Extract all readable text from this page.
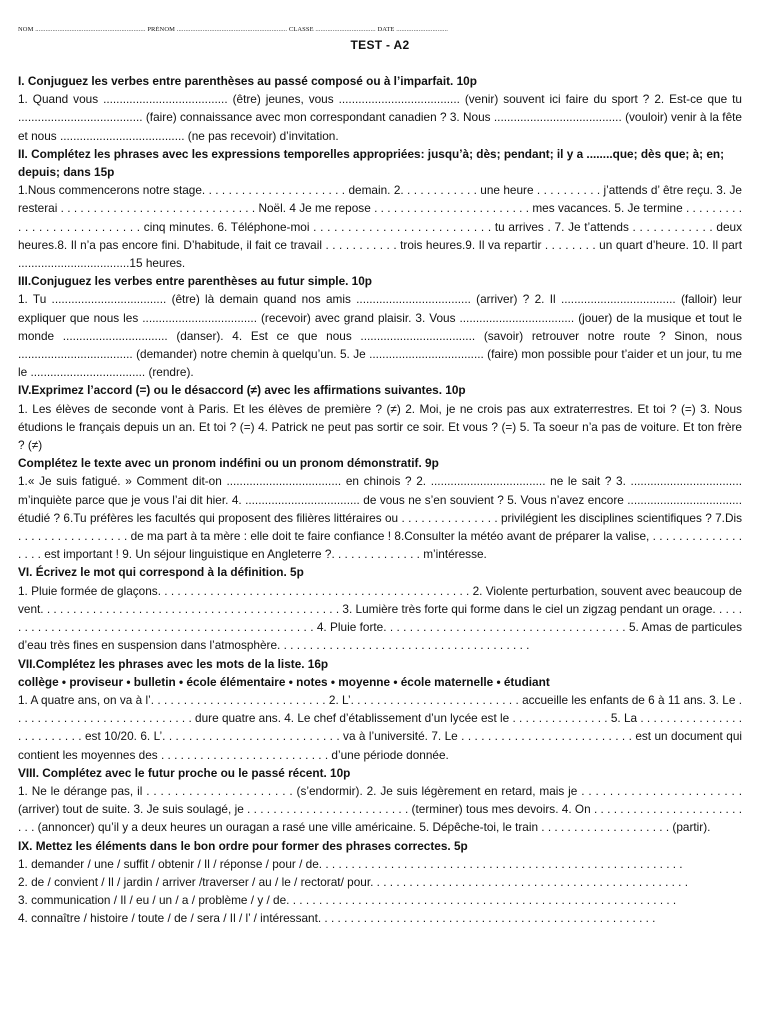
NOM ................................................................ PRÉNOM ................................................................ CLASSE ................................... DATE ..............................
TEST - A2
I. Conjuguez les verbes entre parenthèses au passé composé ou à l’imparfait. 10p
1. Quand vous ...................................... (être) jeunes, vous ..................................... (venir) souvent ici faire du sport ? 2. Est-ce que tu ...................................... (faire) connaissance avec mon correspondant canadien ? 3. Nous ....................................... (vouloir) venir à la fête et nous ...................................... (ne pas recevoir) d’invitation.
II. Complétez les phrases avec les expressions temporelles appropriées: jusqu’à; dès; pendant; il y a ........que; dès que; à; en; depuis; dans 15p
1.Nous commencerons notre stage. . . . . . . . . . . . . . . . . . . . . . demain. 2. . . . . . . . . . . . une heure . . . . . . . . . . j’attends d’ être reçu. 3. Je resterai . . . . . . . . . . . . . . . . . . . . . . . . . . . . . . Noël. 4 Je me repose . . . . . . . . . . . . . . . . . . . . . . . . mes vacances. 5. Je termine . . . . . . . . . . . . . . . . . . . . . . . . . . . cinq minutes. 6. Téléphone-moi . . . . . . . . . . . . . . . . . . . . . . . . . . tu arrives . 7. Je t’attends . . . . . . . . . . . . deux heures.8. Il n’a pas encore fini. D’habitude, il fait ce travail . . . . . . . . . . . trois heures.9. Il va repartir . . . . . . . . un quart d’heure. 10. Il part ..................................15 heures.
III.Conjuguez les verbes entre parenthèses au futur simple. 10p
1. Tu ................................... (être) là demain quand nos amis ................................... (arriver) ? 2. Il ................................... (falloir) leur expliquer que nous les ................................... (recevoir) avec grand plaisir. 3. Vous ................................... (jouer) de la musique et tout le monde ................................ (danser). 4. Est ce que nous ................................... (savoir) retrouver notre route ? Sinon, nous ................................... (demander) notre chemin à quelqu’un. 5. Je ................................... (faire) mon possible pour t’aider et un jour, tu me le ................................... (rendre).
IV.Exprimez l’accord (=) ou le désaccord (≠) avec les affirmations suivantes. 10p
1. Les élèves de seconde vont à Paris. Et les élèves de première ? (≠) 2. Moi, je ne crois pas aux extraterrestres. Et toi ? (=) 3. Nous étudions le français depuis un an. Et toi ? (=) 4. Patrick ne peut pas sortir ce soir. Et vous ? (=) 5. Ta soeur n’a pas de voiture. Et ton frère ? (≠)
Complétez le texte avec un pronom indéfini ou un pronom démonstratif. 9p
1.« Je suis fatigué. » Comment dit-on ................................... en chinois ? 2. ................................... ne le sait ? 3. .................................. m’inquiète parce que je vous l’ai dit hier. 4. ................................... de vous ne s’en souvient ? 5. Vous n’avez encore ................................... étudié ? 6.Tu préfères les facultés qui proposent des filières littéraires ou . . . . . . . . . . . . . . . privilégient les disciplines scientifiques ? 7.Dis . . . . . . . . . . . . . . . . . de ma part à ta mère : elle doit te faire confiance ! 8.Consulter la météo avant de préparer la valise, . . . . . . . . . . . . . . . . . . est important ! 9. Un séjour linguistique en Angleterre ?. . . . . . . . . . . . . . m’intéresse.
VI. Écrivez le mot qui correspond à la définition. 5p
1. Pluie formée de glaçons. . . . . . . . . . . . . . . . . . . . . . . . . . . . . . . . . . . . . . . . . . . . . . . . 2. Violente perturbation, souvent avec beaucoup de vent. . . . . . . . . . . . . . . . . . . . . . . . . . . . . . . . . . . . . . . . . . . . . . 3. Lumière très forte qui forme dans le ciel un zigzag pendant un orage. . . . . . . . . . . . . . . . . . . . . . . . . . . . . . . . . . . . . . . . . . . . . . . . . . 4. Pluie forte. . . . . . . . . . . . . . . . . . . . . . . . . . . . . . . . . . . . . 5. Amas de particules d’eau très fines en suspension dans l’atmosphère. . . . . . . . . . . . . . . . . . . . . . . . . . . . . . . . . . . . . . .
VII.Complétez les phrases avec les mots de la liste. 16p
collège • proviseur • bulletin • école élémentaire • notes • moyenne • école maternelle • étudiant
1. A quatre ans, on va à l’. . . . . . . . . . . . . . . . . . . . . . . . . . . 2. L’. . . . . . . . . . . . . . . . . . . . . . . . . . accueille les enfants de 6 à 11 ans. 3. Le . . . . . . . . . . . . . . . . . . . . . . . . . . . . dure quatre ans. 4. Le chef d’établissement d’un lycée est le . . . . . . . . . . . . . . . 5. La . . . . . . . . . . . . . . . . . . . . . . . . . . est 10/20. 6. L’. . . . . . . . . . . . . . . . . . . . . . . . . . . va à l’université. 7. Le . . . . . . . . . . . . . . . . . . . . . . . . . . est un document qui contient les moyennes des . . . . . . . . . . . . . . . . . . . . . . . . . . d’une période donnée.
VIII. Complétez avec le futur proche ou le passé récent. 10p
1. Ne le dérange pas, il . . . . . . . . . . . . . . . . . . . . . (s’endormir). 2. Je suis légèrement en retard, mais je . . . . . . . . . . . . . . . . . . . . . . . (arriver) tout de suite. 3. Je suis soulagé, je . . . . . . . . . . . . . . . . . . . . . . . . . (terminer) tous mes devoirs. 4. On . . . . . . . . . . . . . . . . . . . . . . . . . . (annoncer) qu’il y a deux heures un ouragan a rasé une ville américaine. 5. Dépêche-toi, le train . . . . . . . . . . . . . . . . . . . . (partir).
IX. Mettez les éléments dans le bon ordre pour former des phrases correctes. 5p
1. demander / une / suffit / obtenir / Il / réponse / pour / de. . . . . . . . . . . . . . . . . . . . . . . . . . . . . . . . . . . . . . . . . . . . . . . . . . . . . . . .
2. de / convient / Il / jardin / arriver /traverser / au / le / rectorat/ pour. . . . . . . . . . . . . . . . . . . . . . . . . . . . . . . . . . . . . . . . . . . . . . . . .
3. communication / Il / eu / un / a / problème / y / de. . . . . . . . . . . . . . . . . . . . . . . . . . . . . . . . . . . . . . . . . . . . . . . . . . . . . . . . . . . .
4. connaître / histoire / toute / de / sera / Il / l’ / intéressant. . . . . . . . . . . . . . . . . . . . . . . . . . . . . . . . . . . . . . . . . . . . . . . . . . . .
